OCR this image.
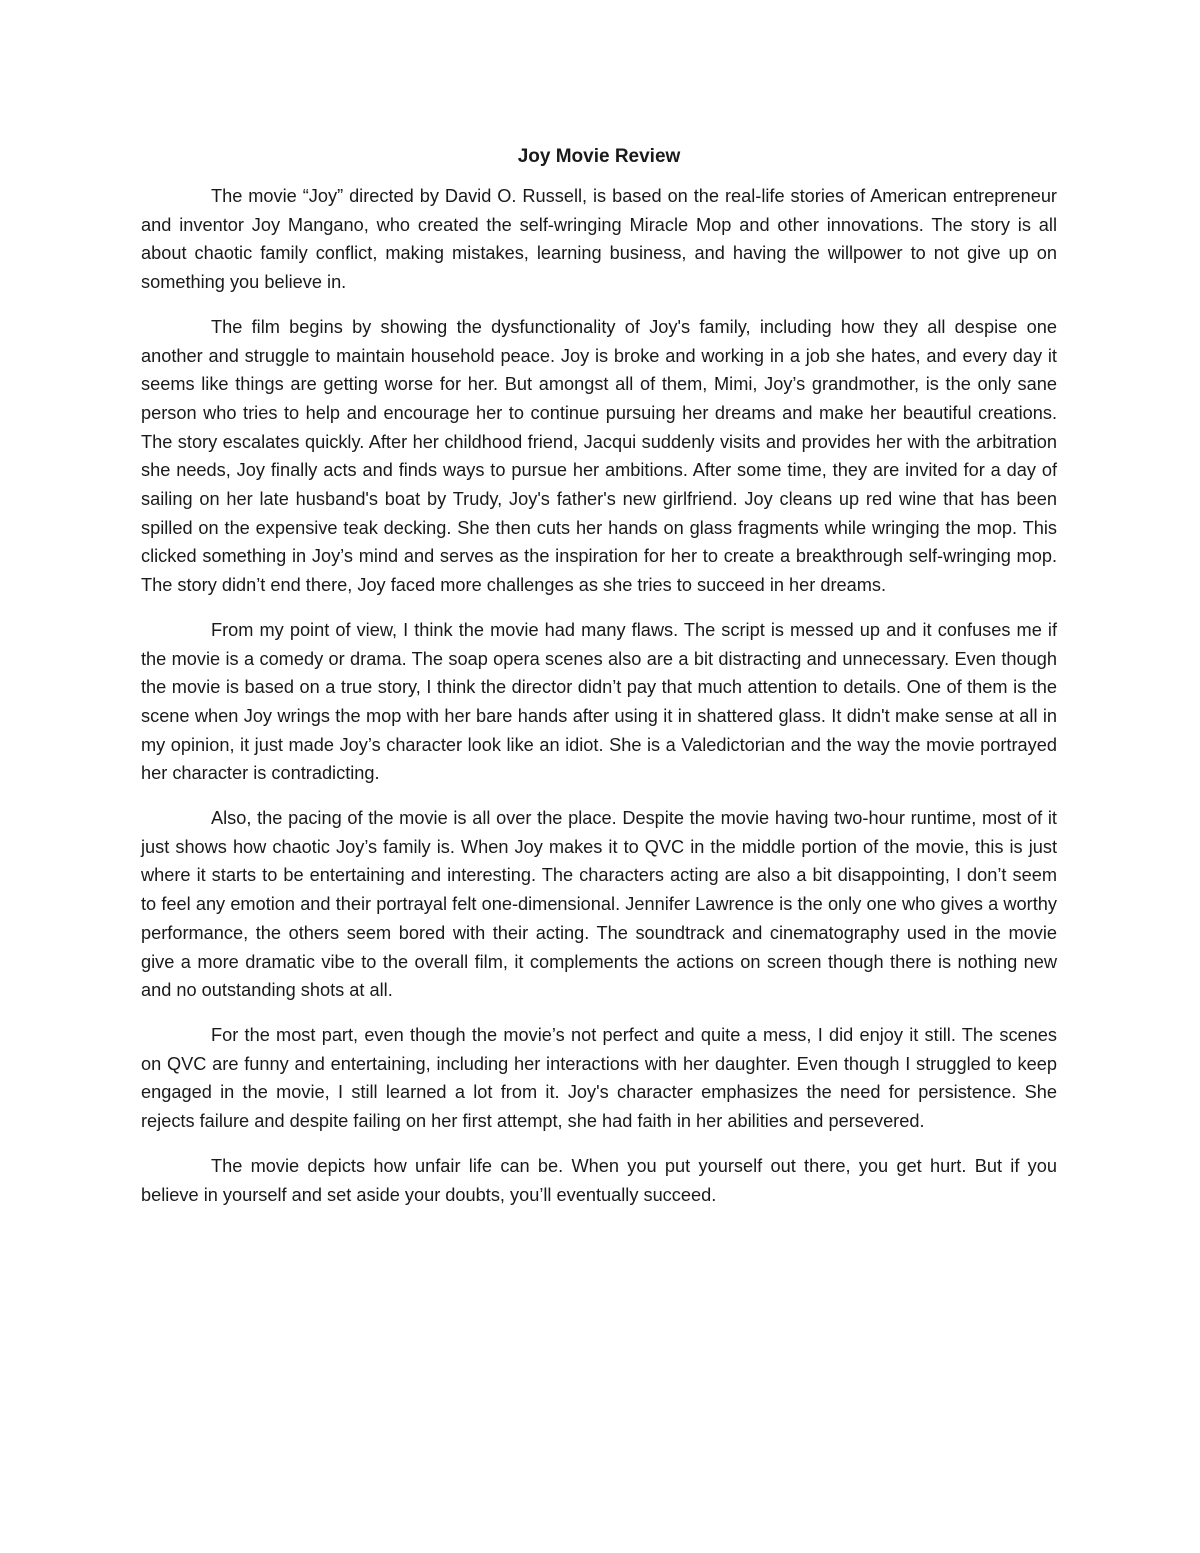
Joy Movie Review

The movie “Joy” directed by David O. Russell, is based on the real-life stories of American entrepreneur and inventor Joy Mangano, who created the self-wringing Miracle Mop and other innovations. The story is all about chaotic family conflict, making mistakes, learning business, and having the willpower to not give up on something you believe in.

The film begins by showing the dysfunctionality of Joy's family, including how they all despise one another and struggle to maintain household peace. Joy is broke and working in a job she hates, and every day it seems like things are getting worse for her. But amongst all of them, Mimi, Joy’s grandmother, is the only sane person who tries to help and encourage her to continue pursuing her dreams and make her beautiful creations. The story escalates quickly. After her childhood friend, Jacqui suddenly visits and provides her with the arbitration she needs, Joy finally acts and finds ways to pursue her ambitions. After some time, they are invited for a day of sailing on her late husband's boat by Trudy, Joy's father's new girlfriend. Joy cleans up red wine that has been spilled on the expensive teak decking. She then cuts her hands on glass fragments while wringing the mop. This clicked something in Joy’s mind and serves as the inspiration for her to create a breakthrough self-wringing mop. The story didn’t end there, Joy faced more challenges as she tries to succeed in her dreams.

From my point of view, I think the movie had many flaws. The script is messed up and it confuses me if the movie is a comedy or drama. The soap opera scenes also are a bit distracting and unnecessary. Even though the movie is based on a true story, I think the director didn’t pay that much attention to details. One of them is the scene when Joy wrings the mop with her bare hands after using it in shattered glass. It didn't make sense at all in my opinion, it just made Joy’s character look like an idiot. She is a Valedictorian and the way the movie portrayed her character is contradicting.

Also, the pacing of the movie is all over the place. Despite the movie having two-hour runtime, most of it just shows how chaotic Joy’s family is. When Joy makes it to QVC in the middle portion of the movie, this is just where it starts to be entertaining and interesting. The characters acting are also a bit disappointing, I don’t seem to feel any emotion and their portrayal felt one-dimensional. Jennifer Lawrence is the only one who gives a worthy performance, the others seem bored with their acting. The soundtrack and cinematography used in the movie give a more dramatic vibe to the overall film, it complements the actions on screen though there is nothing new and no outstanding shots at all.

For the most part, even though the movie’s not perfect and quite a mess, I did enjoy it still. The scenes on QVC are funny and entertaining, including her interactions with her daughter. Even though I struggled to keep engaged in the movie, I still learned a lot from it. Joy's character emphasizes the need for persistence. She rejects failure and despite failing on her first attempt, she had faith in her abilities and persevered.

The movie depicts how unfair life can be. When you put yourself out there, you get hurt. But if you believe in yourself and set aside your doubts, you’ll eventually succeed.
